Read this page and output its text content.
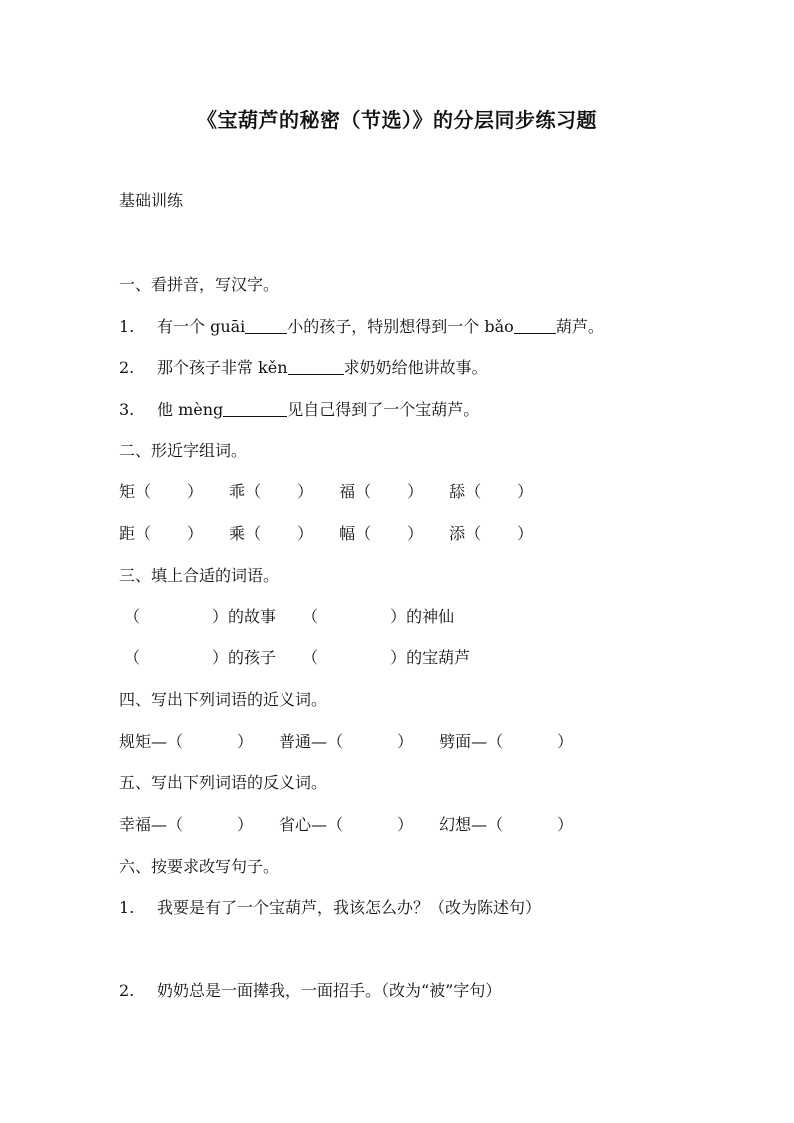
《宝葫芦的秘密（节选）》的分层同步练习题
基础训练
一、看拼音，写汉字。
1. 有一个 guāi	小的孩子，特别想得到一个 bǎo	葫芦。
2. 那个孩子非常 kěn	求奶奶给他讲故事。
3. 他 mèng	见自己得到了一个宝葫芦。
二、形近字组词。
矩（ ） 乖（ ） 福（ ） 舔（ ）
距（ ） 乘（ ） 幅（ ） 添（ ）
三、填上合适的词语。
（	）的故事 （	）的神仙
（	）的孩子 （	）的宝葫芦
四、写出下列词语的近义词。
规矩—（	） 普通—（	） 劈面—（	）
五、写出下列词语的反义词。
幸福—（	） 省心—（	） 幻想—（	）
六、按要求改写句子。
1. 我要是有了一个宝葫芦，我该怎么办？（改为陈述句）
2. 奶奶总是一面撵我，一面招手。（改为“被”字句）
